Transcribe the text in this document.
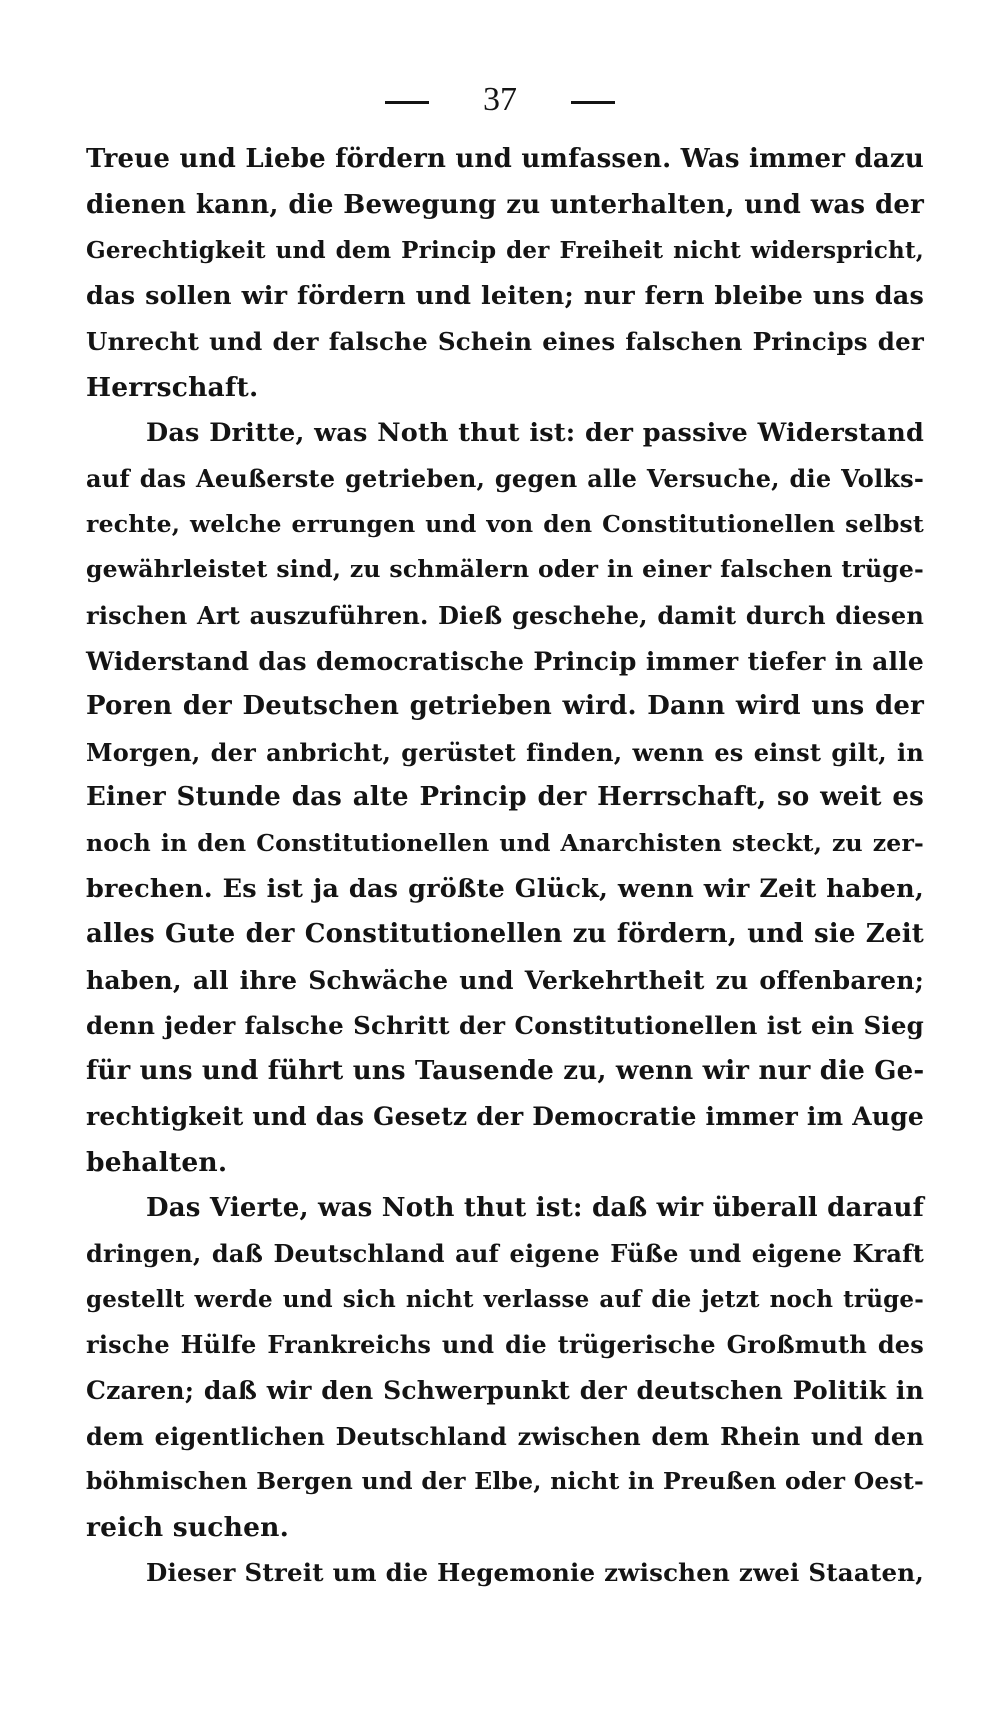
37
Treue und Liebe fördern und umfassen. Was immer dazu
dienen kann, die Bewegung zu unterhalten, und was der
Gerechtigkeit und dem Princip der Freiheit nicht widerspricht,
das sollen wir fördern und leiten; nur fern bleibe uns das
Unrecht und der falsche Schein eines falschen Princips der
Herrschaft.
Das Dritte, was Noth thut ist: der passive Widerstand
auf das Aeußerste getrieben, gegen alle Versuche, die Volks-
rechte, welche errungen und von den Constitutionellen selbst
gewährleistet sind, zu schmälern oder in einer falschen trüge-
rischen Art auszuführen. Dieß geschehe, damit durch diesen
Widerstand das democratische Princip immer tiefer in alle
Poren der Deutschen getrieben wird. Dann wird uns der
Morgen, der anbricht, gerüstet finden, wenn es einst gilt, in
Einer Stunde das alte Princip der Herrschaft, so weit es
noch in den Constitutionellen und Anarchisten steckt, zu zer-
brechen. Es ist ja das größte Glück, wenn wir Zeit haben,
alles Gute der Constitutionellen zu fördern, und sie Zeit
haben, all ihre Schwäche und Verkehrtheit zu offenbaren;
denn jeder falsche Schritt der Constitutionellen ist ein Sieg
für uns und führt uns Tausende zu, wenn wir nur die Ge-
rechtigkeit und das Gesetz der Democratie immer im Auge
behalten.
Das Vierte, was Noth thut ist: daß wir überall darauf
dringen, daß Deutschland auf eigene Füße und eigene Kraft
gestellt werde und sich nicht verlasse auf die jetzt noch trüge-
rische Hülfe Frankreichs und die trügerische Großmuth des
Czaren; daß wir den Schwerpunkt der deutschen Politik in
dem eigentlichen Deutschland zwischen dem Rhein und den
böhmischen Bergen und der Elbe, nicht in Preußen oder Oest-
reich suchen.
Dieser Streit um die Hegemonie zwischen zwei Staaten,
